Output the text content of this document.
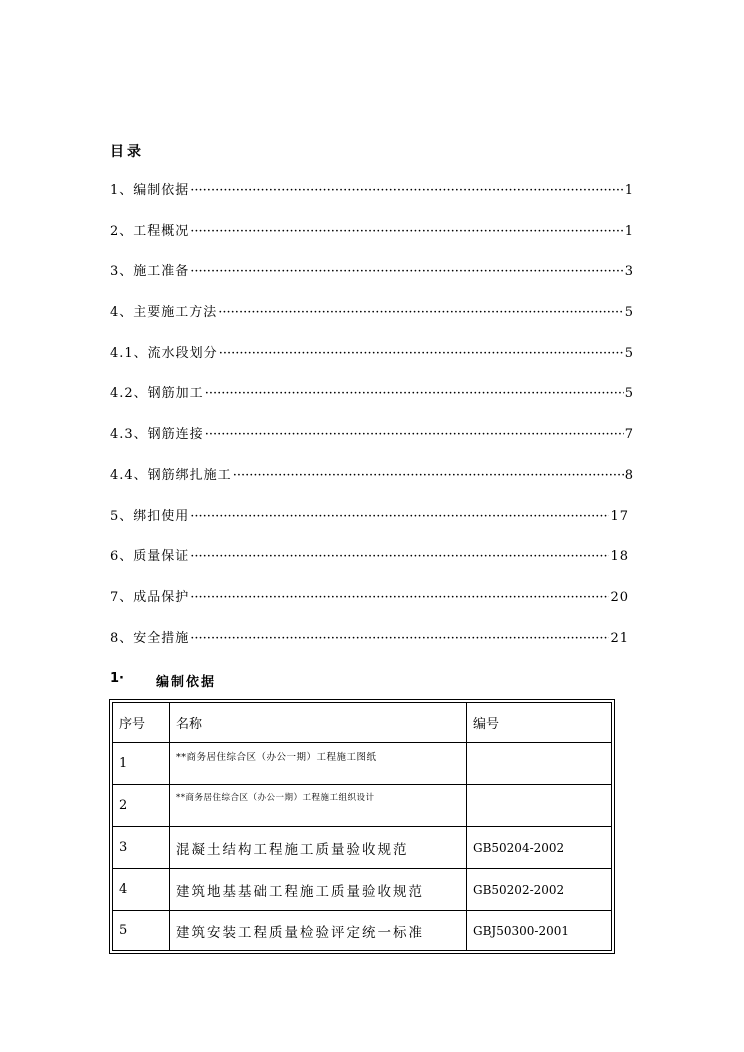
目录
1、编制依据 ·····	1
2、工程概况 ·····	1
3、施工准备 ·····	3
4、主要施工方法 ·····	5
4.1、流水段划分 ·····	5
4.2、钢筋加工 ·····	5
4.3、钢筋连接 ·····	7
4.4、钢筋绑扎施工 ·····	8
5、绑扣使用 ·····	17
6、质量保证 ·····	18
7、成品保护 ·····	20
8、安全措施 ·····	21
1·	编制依据
序号	名称	编号
1	**商务居住综合区（办公一期）工程施工图纸	
2	**商务居住综合区（办公一期）工程施工组织设计	
3	混凝土结构工程施工质量验收规范	GB50204-2002
4	建筑地基基础工程施工质量验收规范	GB50202-2002
5	建筑安装工程质量检验评定统一标准	GBJ50300-2001
